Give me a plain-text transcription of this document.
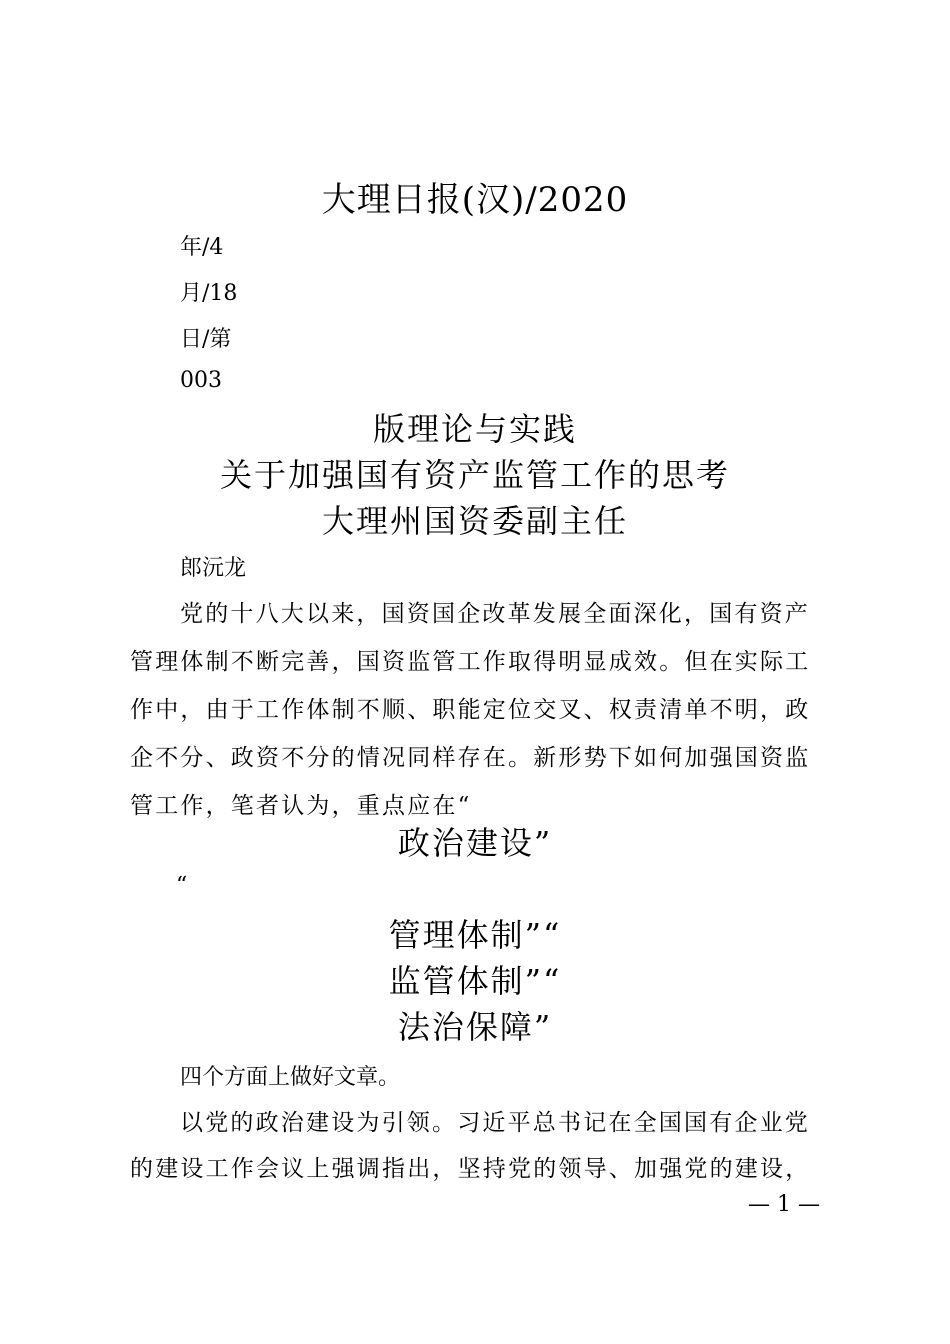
大理日报(汉)/2020
年/4
月/18
日/第
003
版理论与实践
关于加强国有资产监管工作的思考
大理州国资委副主任
郎沅龙
党的十八大以来，国资国企改革发展全面深化，国有资产
管理体制不断完善，国资监管工作取得明显成效。但在实际工
作中，由于工作体制不顺、职能定位交叉、权责清单不明，政
企不分、政资不分的情况同样存在。新形势下如何加强国资监
管工作，笔者认为，重点应在“
政治建设”
“
管理体制”“
监管体制”“
法治保障”
四个方面上做好文章。
以党的政治建设为引领。习近平总书记在全国国有企业党
的建设工作会议上强调指出，坚持党的领导、加强党的建设，
— 1 —
